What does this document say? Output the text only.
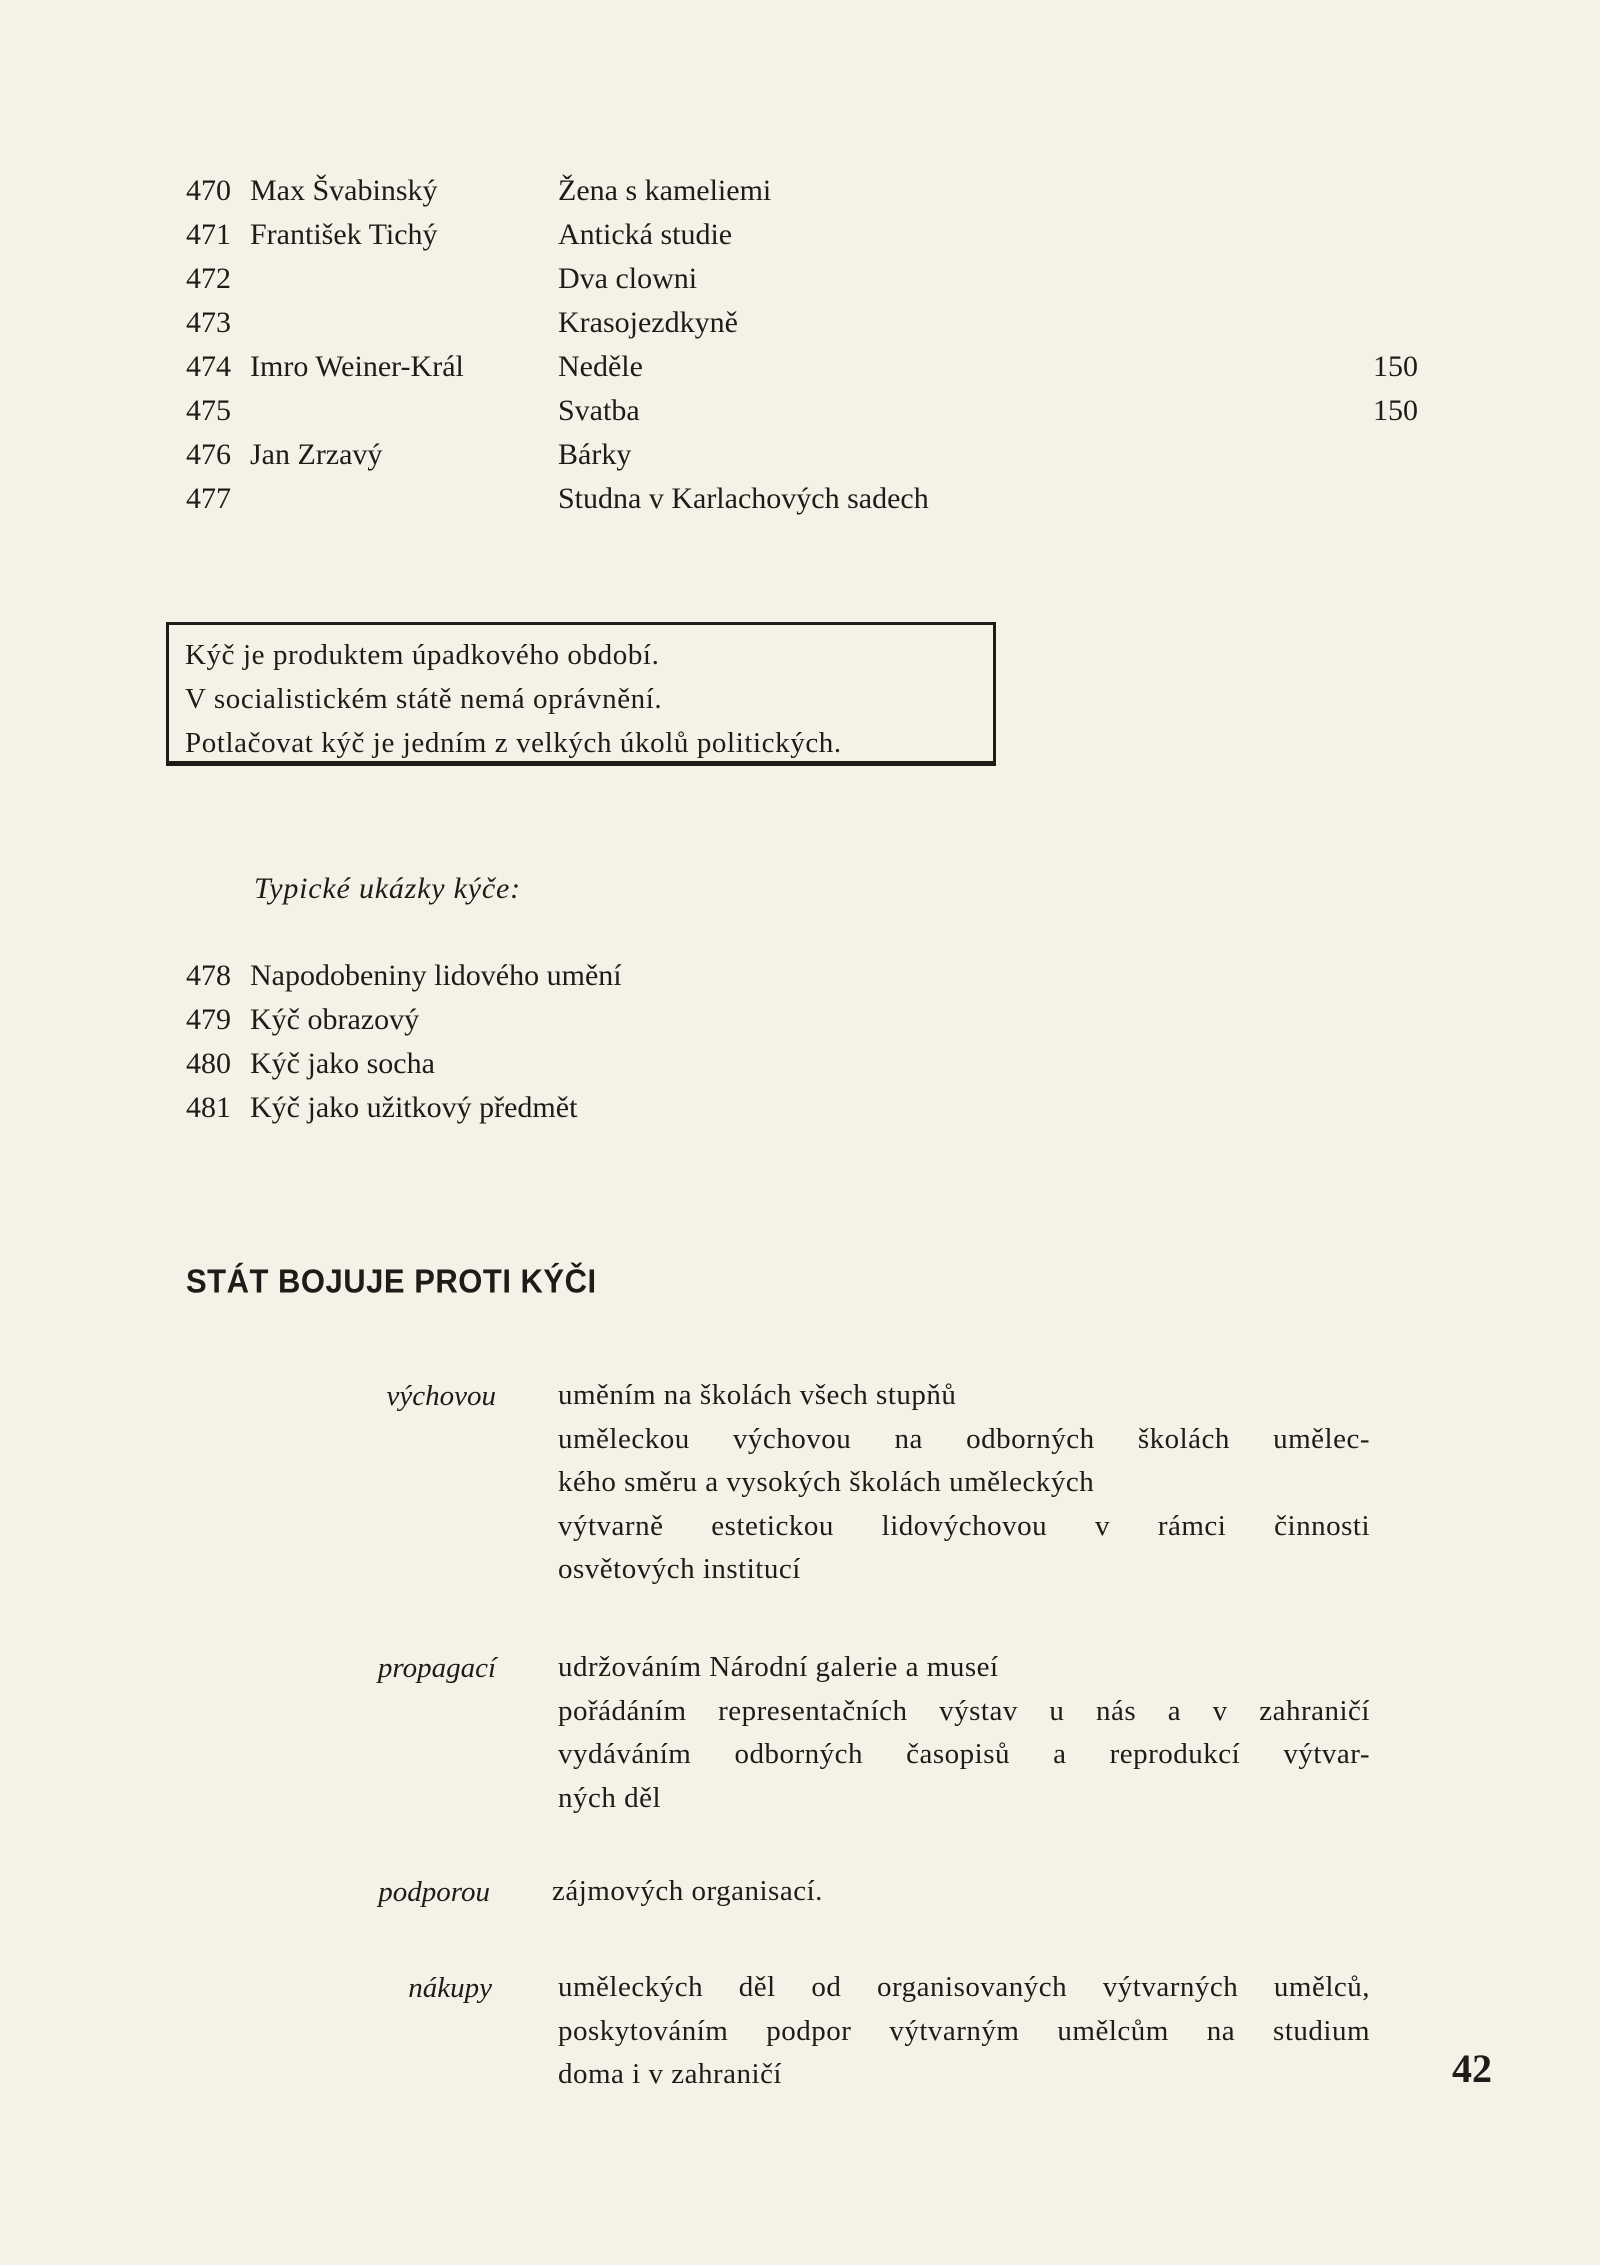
470 Max Švabinský	Žena s kameliemi
471 František Tichý	Antická studie
472	Dva clowni
473	Krasojezdkyně
474 Imro Weiner-Král	Neděle	150
475	Svatba	150
476 Jan Zrzavý	Bárky
477	Studna v Karlachových sadech
Kýč je produktem úpadkového období.
V socialistickém státě nemá oprávnění.
Potlačovat kýč je jedním z velkých úkolů politických.
Typické ukázky kýče:
478 Napodobeniny lidového umění
479 Kýč obrazový
480 Kýč jako socha
481 Kýč jako užitkový předmět
STÁT BOJUJE PROTI KÝČI
výchovou uměním na školách všech stupňů
uměleckou výchovou na odborných školách umělec-
kého směru a vysokých školách uměleckých
výtvarně estetickou lidovýchovou v rámci činnosti
osvětových institucí
propagací udržováním Národní galerie a museí
pořádáním representačních výstav u nás a v zahraničí
vydáváním odborných časopisů a reprodukcí výtvar-
ných děl
podporou zájmových organisací.
nákupy uměleckých děl od organisovaných výtvarných umělců,
poskytováním podpor výtvarným umělcům na studium
doma i v zahraničí	42
